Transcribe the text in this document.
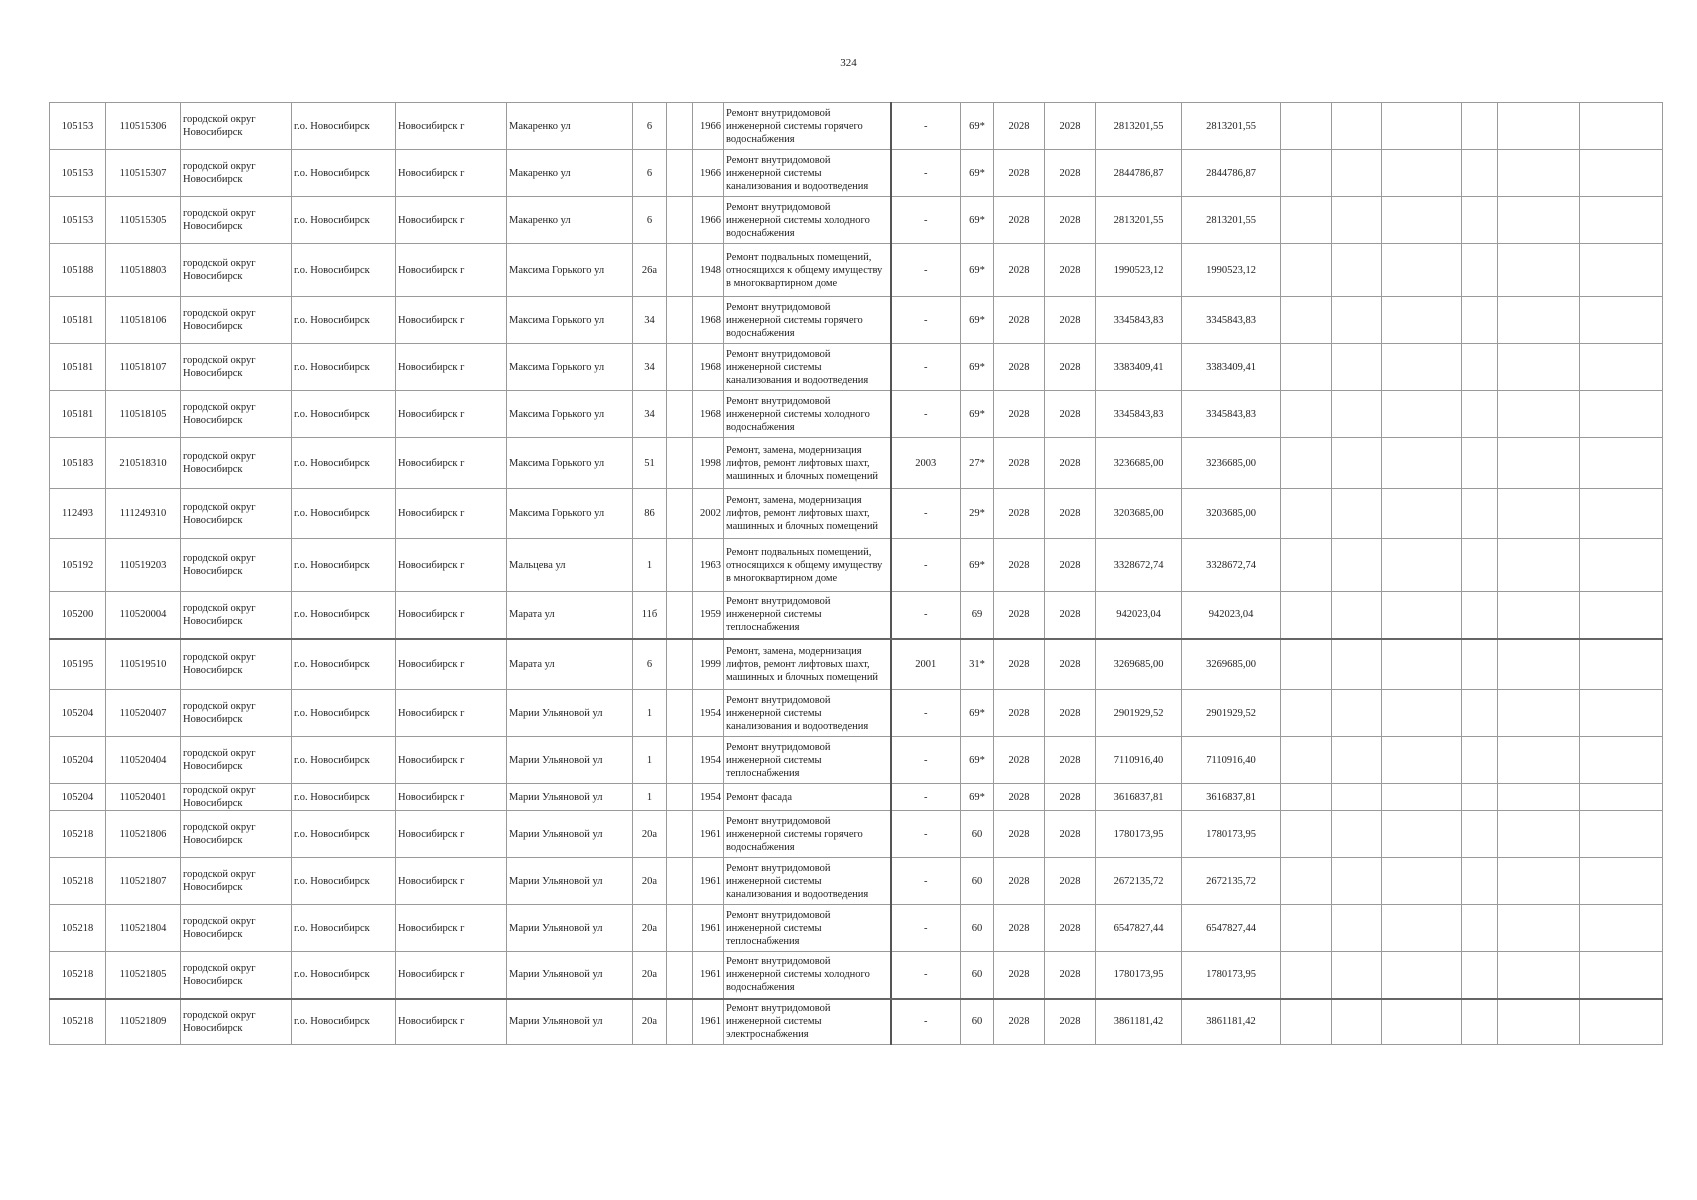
324
105153	110515306	городской округ Новосибирск	г.о. Новосибирск	Новосибирск г	Макаренко ул	6		1966	Ремонт внутридомовой инженерной системы горячего водоснабжения	-	69*	2028	2028	2813201,55	2813201,55						
105153	110515307	городской округ Новосибирск	г.о. Новосибирск	Новосибирск г	Макаренко ул	6		1966	Ремонт внутридомовой инженерной системы канализования и водоотведения	-	69*	2028	2028	2844786,87	2844786,87						
105153	110515305	городской округ Новосибирск	г.о. Новосибирск	Новосибирск г	Макаренко ул	6		1966	Ремонт внутридомовой инженерной системы холодного водоснабжения	-	69*	2028	2028	2813201,55	2813201,55						
105188	110518803	городской округ Новосибирск	г.о. Новосибирск	Новосибирск г	Максима Горького ул	26а		1948	Ремонт подвальных помещений, относящихся к общему имуществу в многоквартирном доме	-	69*	2028	2028	1990523,12	1990523,12						
105181	110518106	городской округ Новосибирск	г.о. Новосибирск	Новосибирск г	Максима Горького ул	34		1968	Ремонт внутридомовой инженерной системы горячего водоснабжения	-	69*	2028	2028	3345843,83	3345843,83						
105181	110518107	городской округ Новосибирск	г.о. Новосибирск	Новосибирск г	Максима Горького ул	34		1968	Ремонт внутридомовой инженерной системы канализования и водоотведения	-	69*	2028	2028	3383409,41	3383409,41						
105181	110518105	городской округ Новосибирск	г.о. Новосибирск	Новосибирск г	Максима Горького ул	34		1968	Ремонт внутридомовой инженерной системы холодного водоснабжения	-	69*	2028	2028	3345843,83	3345843,83						
105183	210518310	городской округ Новосибирск	г.о. Новосибирск	Новосибирск г	Максима Горького ул	51		1998	Ремонт, замена, модернизация лифтов, ремонт лифтовых шахт, машинных и блочных помещений	2003	27*	2028	2028	3236685,00	3236685,00						
112493	111249310	городской округ Новосибирск	г.о. Новосибирск	Новосибирск г	Максима Горького ул	86		2002	Ремонт, замена, модернизация лифтов, ремонт лифтовых шахт, машинных и блочных помещений	-	29*	2028	2028	3203685,00	3203685,00						
105192	110519203	городской округ Новосибирск	г.о. Новосибирск	Новосибирск г	Мальцева ул	1		1963	Ремонт подвальных помещений, относящихся к общему имуществу в многоквартирном доме	-	69*	2028	2028	3328672,74	3328672,74						
105200	110520004	городской округ Новосибирск	г.о. Новосибирск	Новосибирск г	Марата ул	11б		1959	Ремонт внутридомовой инженерной системы теплоснабжения	-	69	2028	2028	942023,04	942023,04						
105195	110519510	городской округ Новосибирск	г.о. Новосибирск	Новосибирск г	Марата ул	6		1999	Ремонт, замена, модернизация лифтов, ремонт лифтовых шахт, машинных и блочных помещений	2001	31*	2028	2028	3269685,00	3269685,00						
105204	110520407	городской округ Новосибирск	г.о. Новосибирск	Новосибирск г	Марии Ульяновой ул	1		1954	Ремонт внутридомовой инженерной системы канализования и водоотведения	-	69*	2028	2028	2901929,52	2901929,52						
105204	110520404	городской округ Новосибирск	г.о. Новосибирск	Новосибирск г	Марии Ульяновой ул	1		1954	Ремонт внутридомовой инженерной системы теплоснабжения	-	69*	2028	2028	7110916,40	7110916,40						
105204	110520401	городской округ Новосибирск	г.о. Новосибирск	Новосибирск г	Марии Ульяновой ул	1		1954	Ремонт фасада	-	69*	2028	2028	3616837,81	3616837,81						
105218	110521806	городской округ Новосибирск	г.о. Новосибирск	Новосибирск г	Марии Ульяновой ул	20а		1961	Ремонт внутридомовой инженерной системы горячего водоснабжения	-	60	2028	2028	1780173,95	1780173,95						
105218	110521807	городской округ Новосибирск	г.о. Новосибирск	Новосибирск г	Марии Ульяновой ул	20а		1961	Ремонт внутридомовой инженерной системы канализования и водоотведения	-	60	2028	2028	2672135,72	2672135,72						
105218	110521804	городской округ Новосибирск	г.о. Новосибирск	Новосибирск г	Марии Ульяновой ул	20а		1961	Ремонт внутридомовой инженерной системы теплоснабжения	-	60	2028	2028	6547827,44	6547827,44						
105218	110521805	городской округ Новосибирск	г.о. Новосибирск	Новосибирск г	Марии Ульяновой ул	20а		1961	Ремонт внутридомовой инженерной системы холодного водоснабжения	-	60	2028	2028	1780173,95	1780173,95						
105218	110521809	городской округ Новосибирск	г.о. Новосибирск	Новосибирск г	Марии Ульяновой ул	20а		1961	Ремонт внутридомовой инженерной системы электроснабжения	-	60	2028	2028	3861181,42	3861181,42						
